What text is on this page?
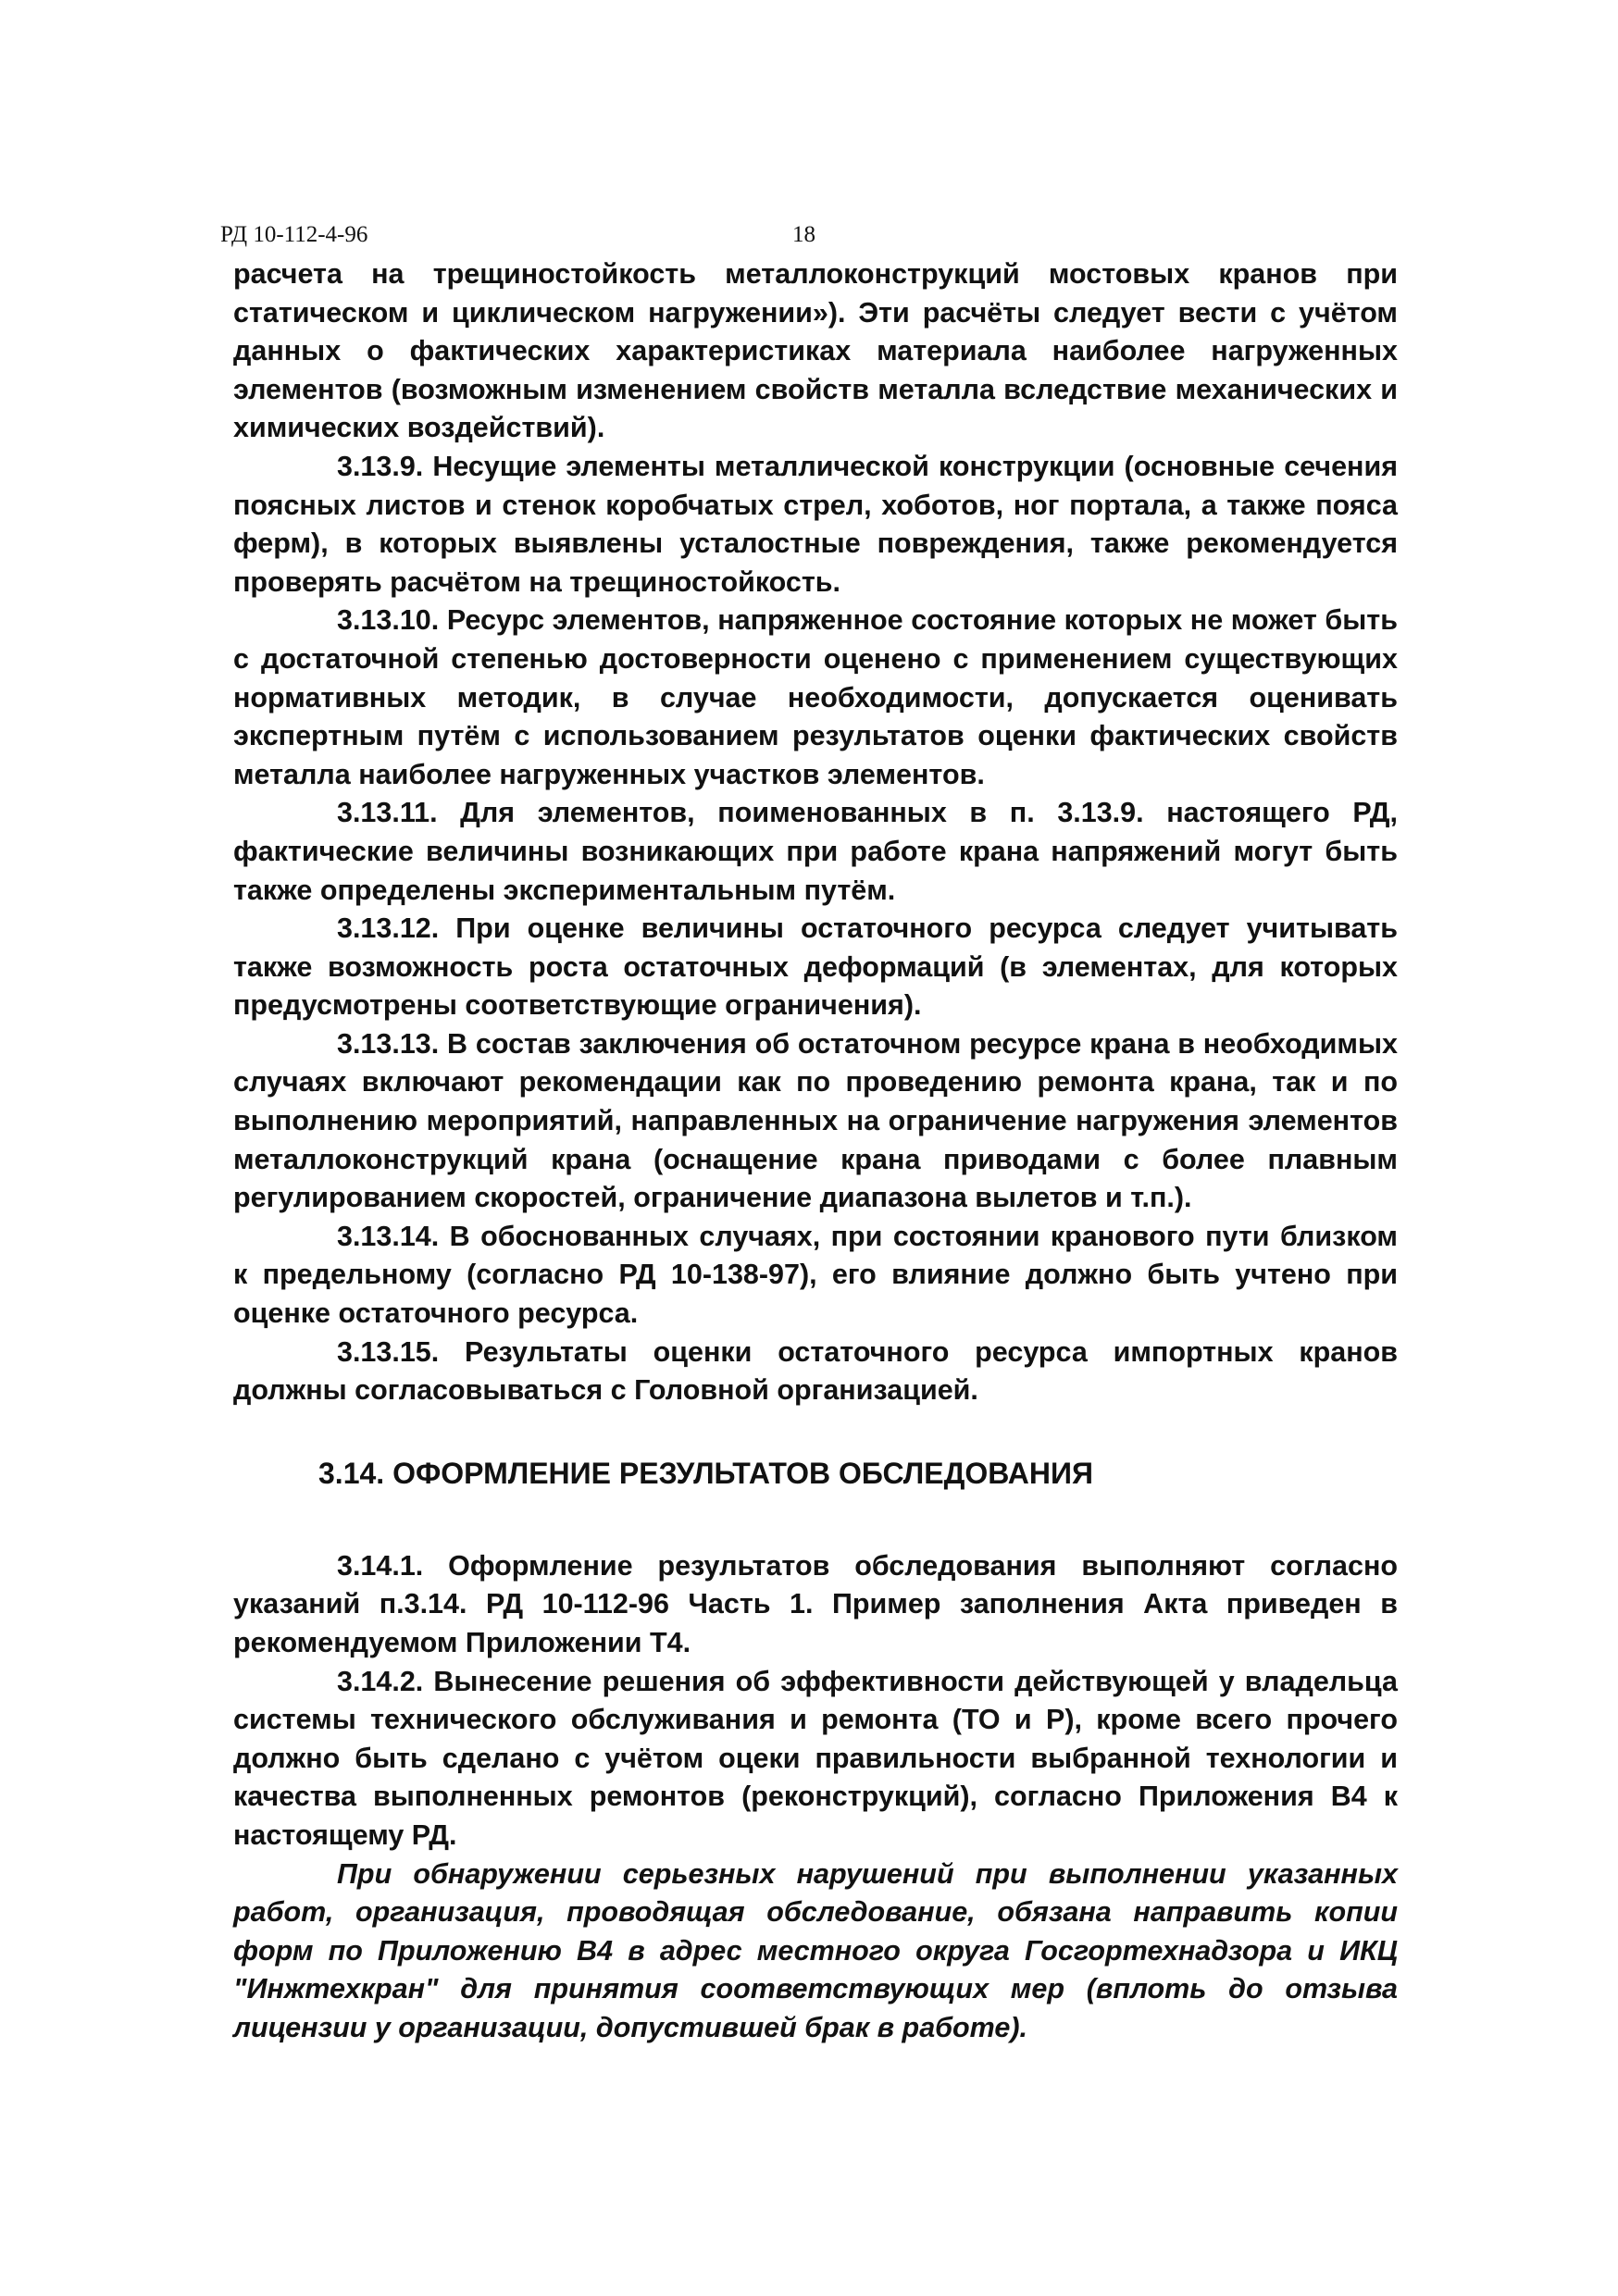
РД 10-112-4-96	18

расчета на трещиностойкость металлоконструкций мостовых кранов при статическом и циклическом нагружении»). Эти расчёты следует вести с учётом данных о фактических характеристиках материала наиболее нагруженных элементов (возможным изменением свойств металла вследствие механических и химических воздействий).

3.13.9. Несущие элементы металлической конструкции (основные сечения поясных листов и стенок коробчатых стрел, хоботов, ног портала, а также пояса ферм), в которых выявлены усталостные повреждения, также рекомендуется проверять расчётом на трещиностойкость.

3.13.10. Ресурс элементов, напряженное состояние которых не может быть с достаточной степенью достоверности оценено с применением существующих нормативных методик, в случае необходимости, допускается оценивать экспертным путём с использованием результатов оценки фактических свойств металла наиболее нагруженных участков элементов.

3.13.11. Для элементов, поименованных в п. 3.13.9. настоящего РД, фактические величины возникающих при работе крана напряжений могут быть также определены экспериментальным путём.

3.13.12. При оценке величины остаточного ресурса следует учитывать также возможность роста остаточных деформаций (в элементах, для которых предусмотрены соответствующие ограничения).

3.13.13. В состав заключения об остаточном ресурсе крана в необходимых случаях включают рекомендации как по проведению ремонта крана, так и по выполнению мероприятий, направленных на ограничение нагружения элементов металлоконструкций крана (оснащение крана приводами с более плавным регулированием скоростей, ограничение диапазона вылетов и т.п.).

3.13.14. В обоснованных случаях, при состоянии кранового пути близком к предельному (согласно РД 10-138-97), его влияние должно быть учтено при оценке остаточного ресурса.

3.13.15. Результаты оценки остаточного ресурса импортных кранов должны согласовываться с Головной организацией.

3.14. ОФОРМЛЕНИЕ РЕЗУЛЬТАТОВ ОБСЛЕДОВАНИЯ

3.14.1. Оформление результатов обследования выполняют согласно указаний п.3.14. РД 10-112-96 Часть 1. Пример заполнения Акта приведен в рекомендуемом Приложении Т4.

3.14.2. Вынесение решения об эффективности действующей у владельца системы технического обслуживания и ремонта (ТО и Р), кроме всего прочего должно быть сделано с учётом оцеки правильности выбранной технологии и качества выполненных ремонтов (реконструкций), согласно Приложения В4 к настоящему РД.

При обнаружении серьезных нарушений при выполнении указанных работ, организация, проводящая обследование, обязана направить копии форм по Приложению В4 в адрес местного округа Госгортехнадзора и ИКЦ "Инжтехкран" для принятия соответствующих мер (вплоть до отзыва лицензии у организации, допустившей брак в работе).
